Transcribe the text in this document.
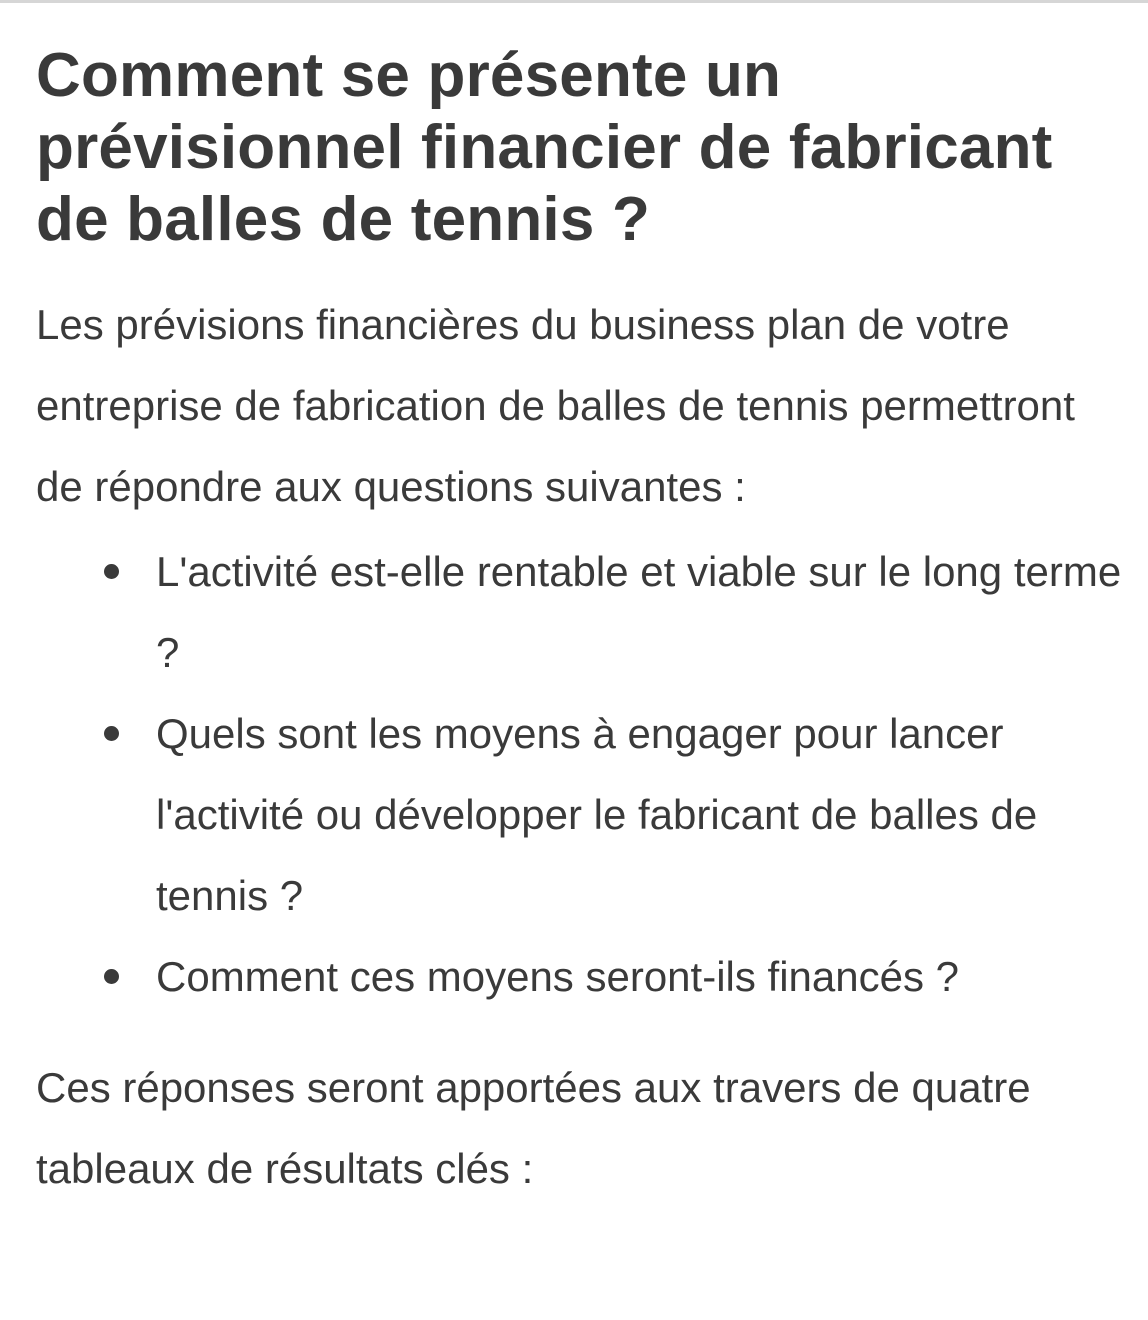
Comment se présente un prévisionnel financier de fabricant de balles de tennis ?

Les prévisions financières du business plan de votre entreprise de fabrication de balles de tennis permettront de répondre aux questions suivantes :

L'activité est-elle rentable et viable sur le long terme ?
Quels sont les moyens à engager pour lancer l'activité ou développer le fabricant de balles de tennis ?
Comment ces moyens seront-ils financés ?

Ces réponses seront apportées aux travers de quatre tableaux de résultats clés :
